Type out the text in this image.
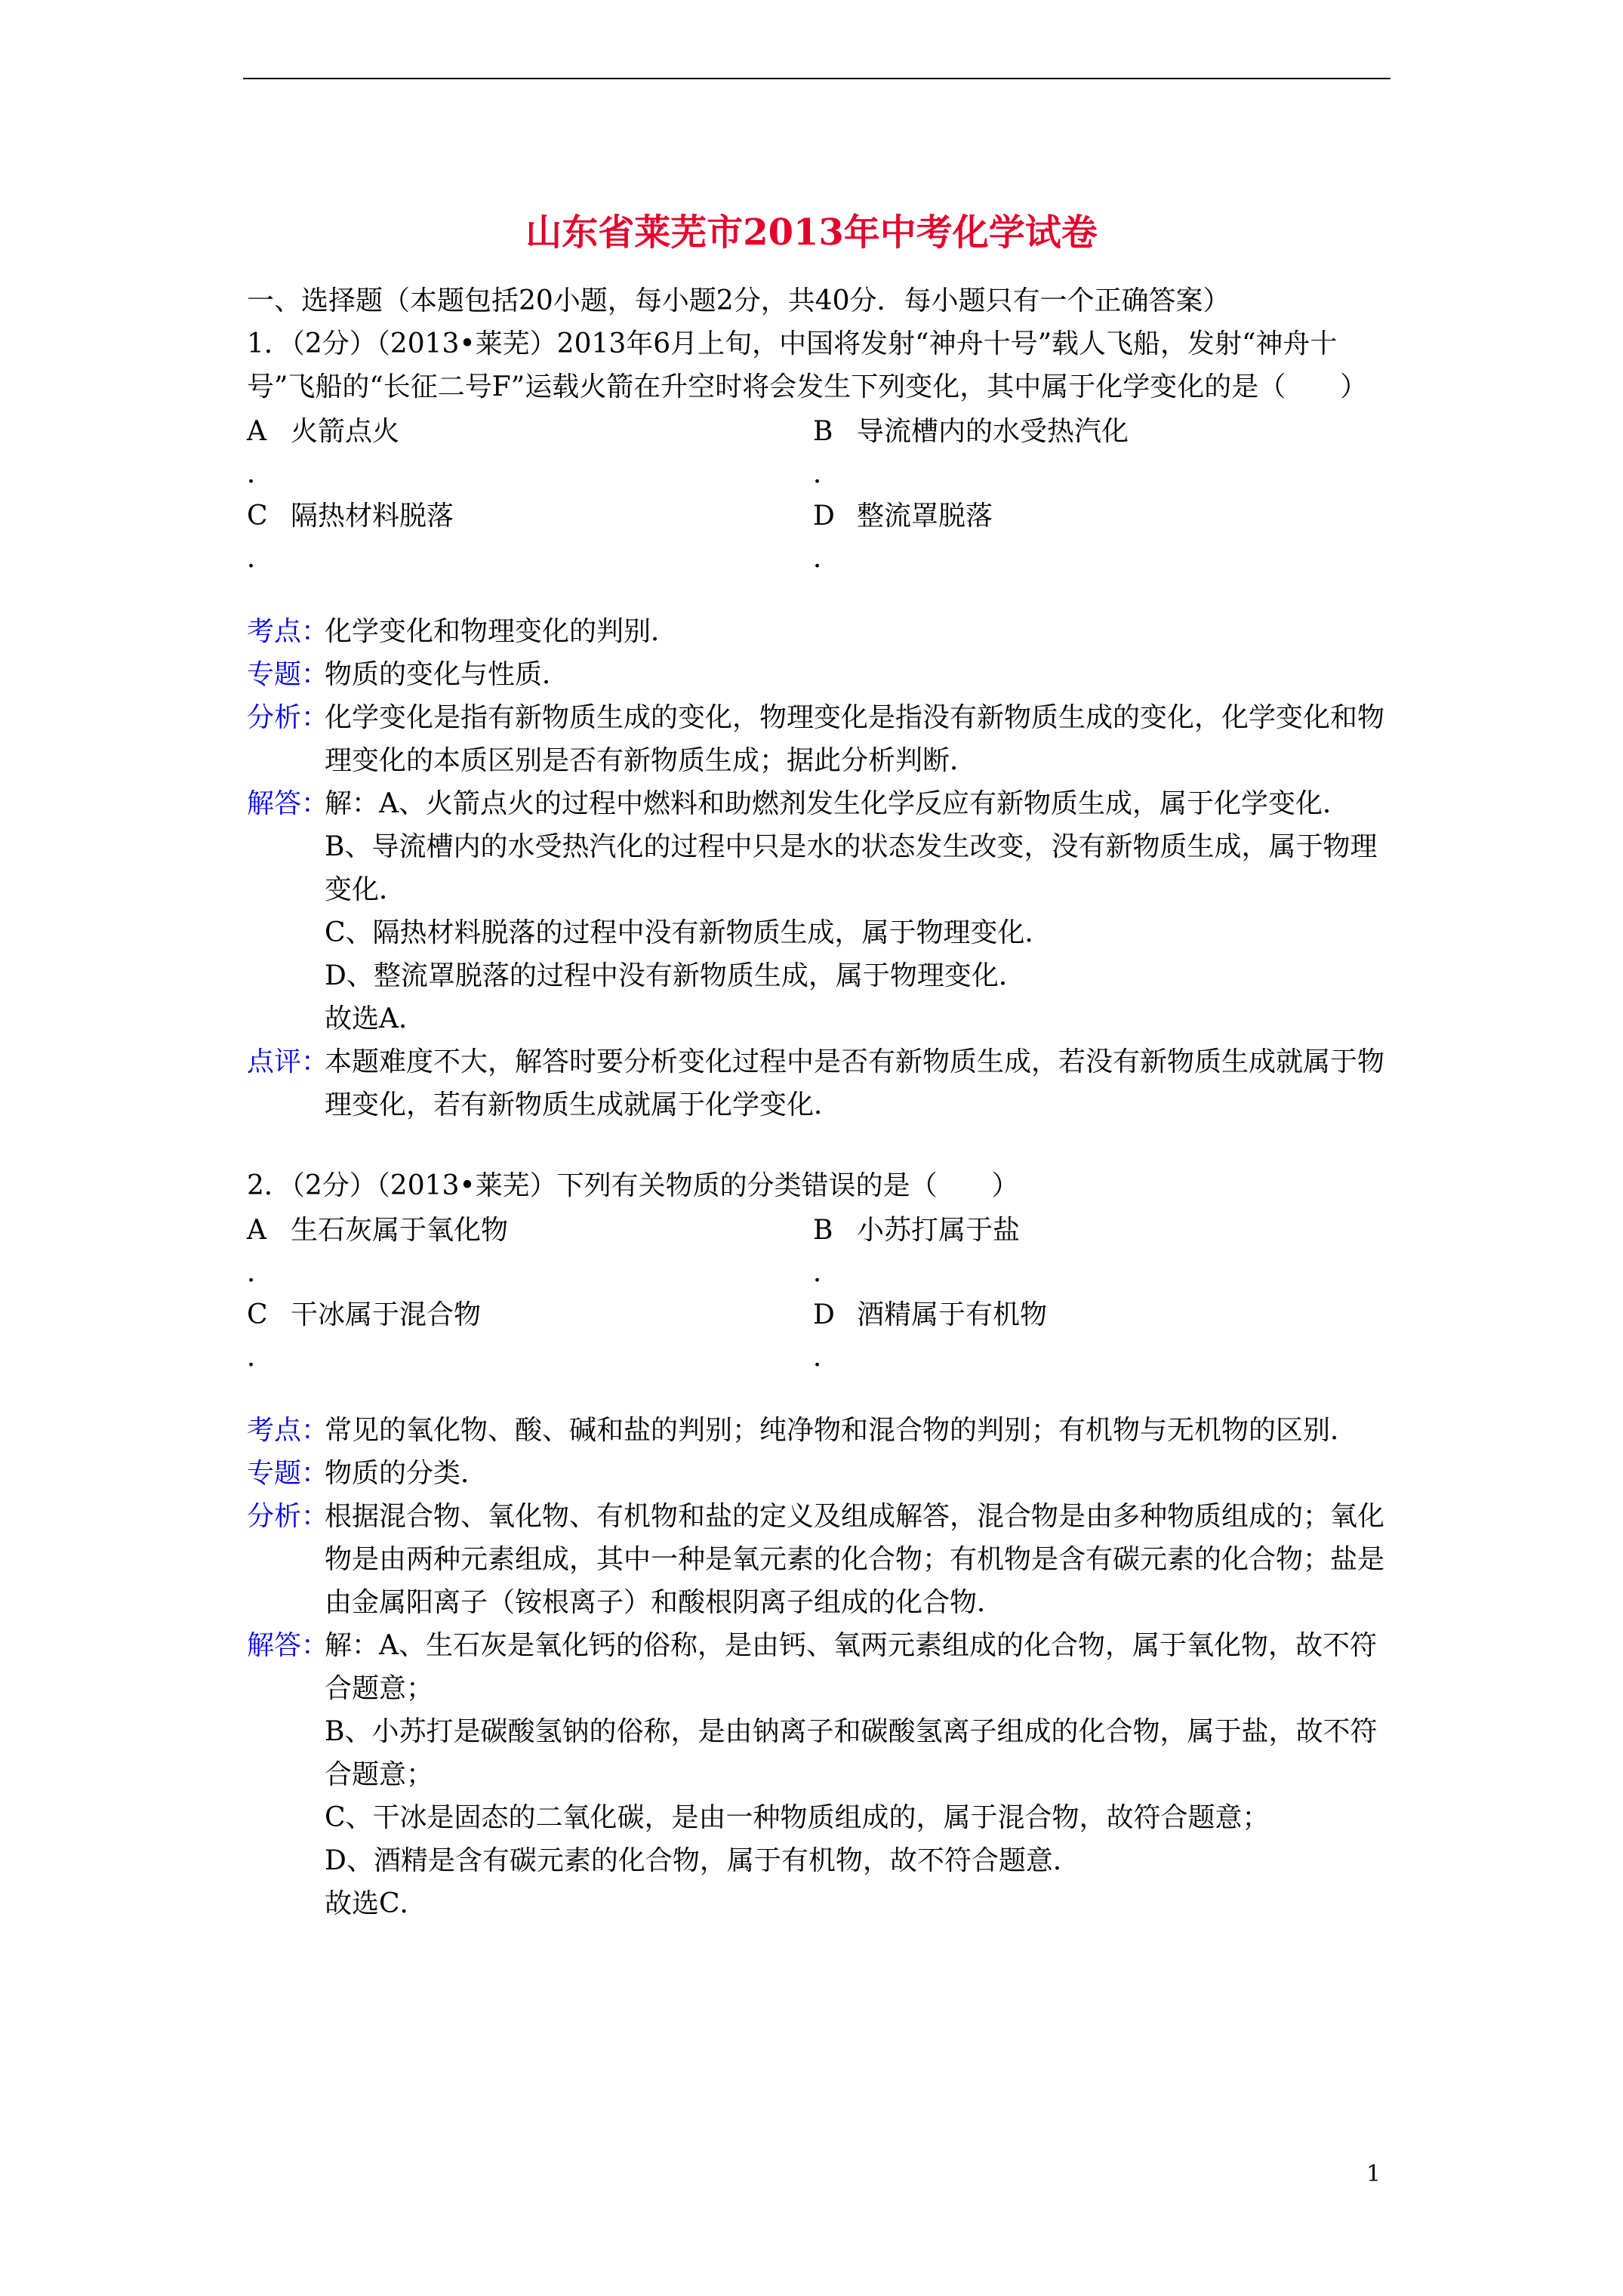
山东省莱芜市2013年中考化学试卷

一、选择题（本题包括20小题，每小题2分，共40分．每小题只有一个正确答案）

1．（2分）（2013•莱芜）2013年6月上旬，中国将发射“神舟十号”载人飞船，发射“神舟十号”飞船的“长征二号F”运载火箭在升空时将会发生下列变化，其中属于化学变化的是（　　）

A 火箭点火
．
B 导流槽内的水受热汽化
．
C 隔热材料脱落
．
D 整流罩脱落
．
考点：
化学变化和物理变化的判别．
专题：
物质的变化与性质．
分析：
化学变化是指有新物质生成的变化，物理变化是指没有新物质生成的变化，化学变化和物理变化的本质区别是否有新物质生成；据此分析判断．
解答：
解：A、火箭点火的过程中燃料和助燃剂发生化学反应有新物质生成，属于化学变化．
B、导流槽内的水受热汽化的过程中只是水的状态发生改变，没有新物质生成，属于物理变化．
C、隔热材料脱落的过程中没有新物质生成，属于物理变化．
D、整流罩脱落的过程中没有新物质生成，属于物理变化．
故选A．
点评：
本题难度不大，解答时要分析变化过程中是否有新物质生成，若没有新物质生成就属于物理变化，若有新物质生成就属于化学变化．

2．（2分）（2013•莱芜）下列有关物质的分类错误的是（　　）

A 生石灰属于氧化物
．
B 小苏打属于盐
．
C 干冰属于混合物
．
D 酒精属于有机物
．
考点：
常见的氧化物、酸、碱和盐的判别；纯净物和混合物的判别；有机物与无机物的区别．
专题：
物质的分类．
分析：
根据混合物、氧化物、有机物和盐的定义及组成解答，混合物是由多种物质组成的；氧化物是由两种元素组成，其中一种是氧元素的化合物；有机物是含有碳元素的化合物；盐是由金属阳离子（铵根离子）和酸根阴离子组成的化合物．
解答：
解：A、生石灰是氧化钙的俗称，是由钙、氧两元素组成的化合物，属于氧化物，故不符合题意；
B、小苏打是碳酸氢钠的俗称，是由钠离子和碳酸氢离子组成的化合物，属于盐，故不符合题意；
C、干冰是固态的二氧化碳，是由一种物质组成的，属于混合物，故符合题意；
D、酒精是含有碳元素的化合物，属于有机物，故不符合题意．
故选C．
1
